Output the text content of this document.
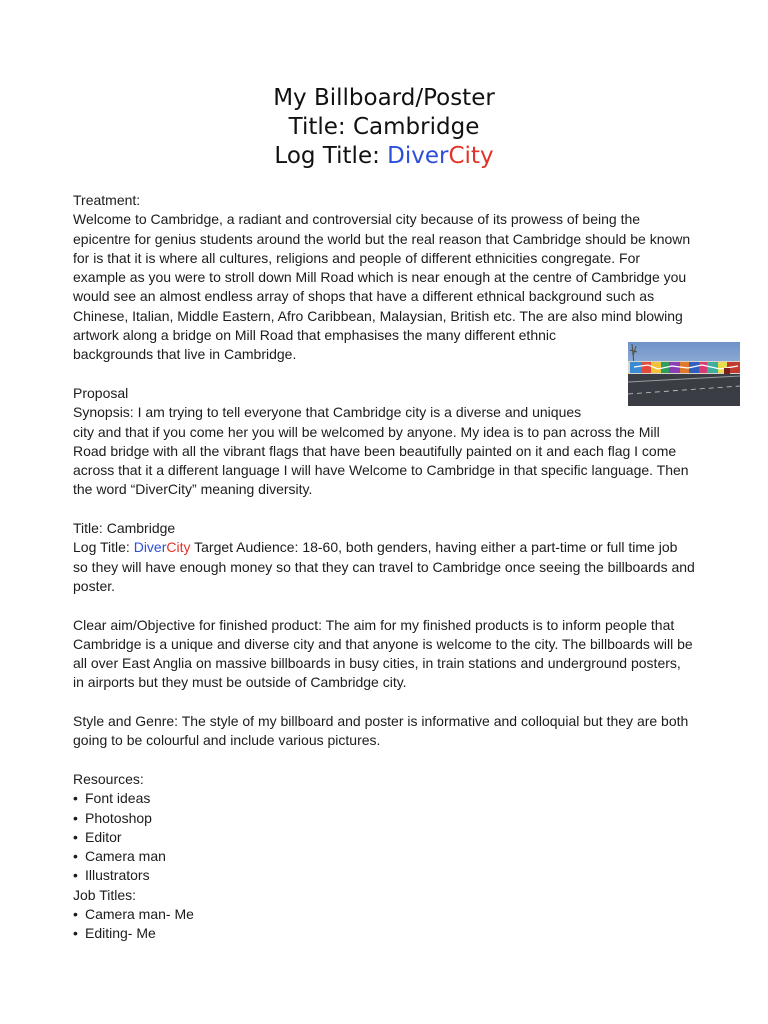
My Billboard/Poster
Title: Cambridge
Log Title: DiverCity

Treatment:

Welcome to Cambridge, a radiant and controversial city because of its prowess of being the epicentre for genius students around the world but the real reason that Cambridge should be known for is that it is where all cultures, religions and people of different ethnicities congregate. For example as you were to stroll down Mill Road which is near enough at the centre of Cambridge you would see an almost endless array of shops that have a different ethnical background such as Chinese, Italian, Middle Eastern, Afro Caribbean, Malaysian, British etc. The are also mind blowing artwork along a bridge on Mill Road that emphasises the many different ethnic

backgrounds that live in Cambridge.

Proposal

Synopsis: I am trying to tell everyone that Cambridge city is a diverse and uniques

city and that if you come her you will be welcomed by anyone. My idea is to pan across the Mill Road bridge with all the vibrant flags that have been beautifully painted on it and each flag I come across that it a different language I will have Welcome to Cambridge in that specific language. Then the word “DiverCity” meaning diversity.

Title: Cambridge

Log Title: DiverCity Target Audience: 18-60, both genders, having either a part-time or full time job so they will have enough money so that they can travel to Cambridge once seeing the billboards and poster.

Clear aim/Objective for finished product: The aim for my finished products is to inform people that Cambridge is a unique and diverse city and that anyone is welcome to the city. The billboards will be all over East Anglia on massive billboards in busy cities, in train stations and underground posters, in airports but they must be outside of Cambridge city.

Style and Genre: The style of my billboard and poster is informative and colloquial but they are both going to be colourful and include various pictures.

Resources:

• Font ideas
• Photoshop
• Editor
• Camera man
• Illustrators

Job Titles:

• Camera man- Me
• Editing- Me
